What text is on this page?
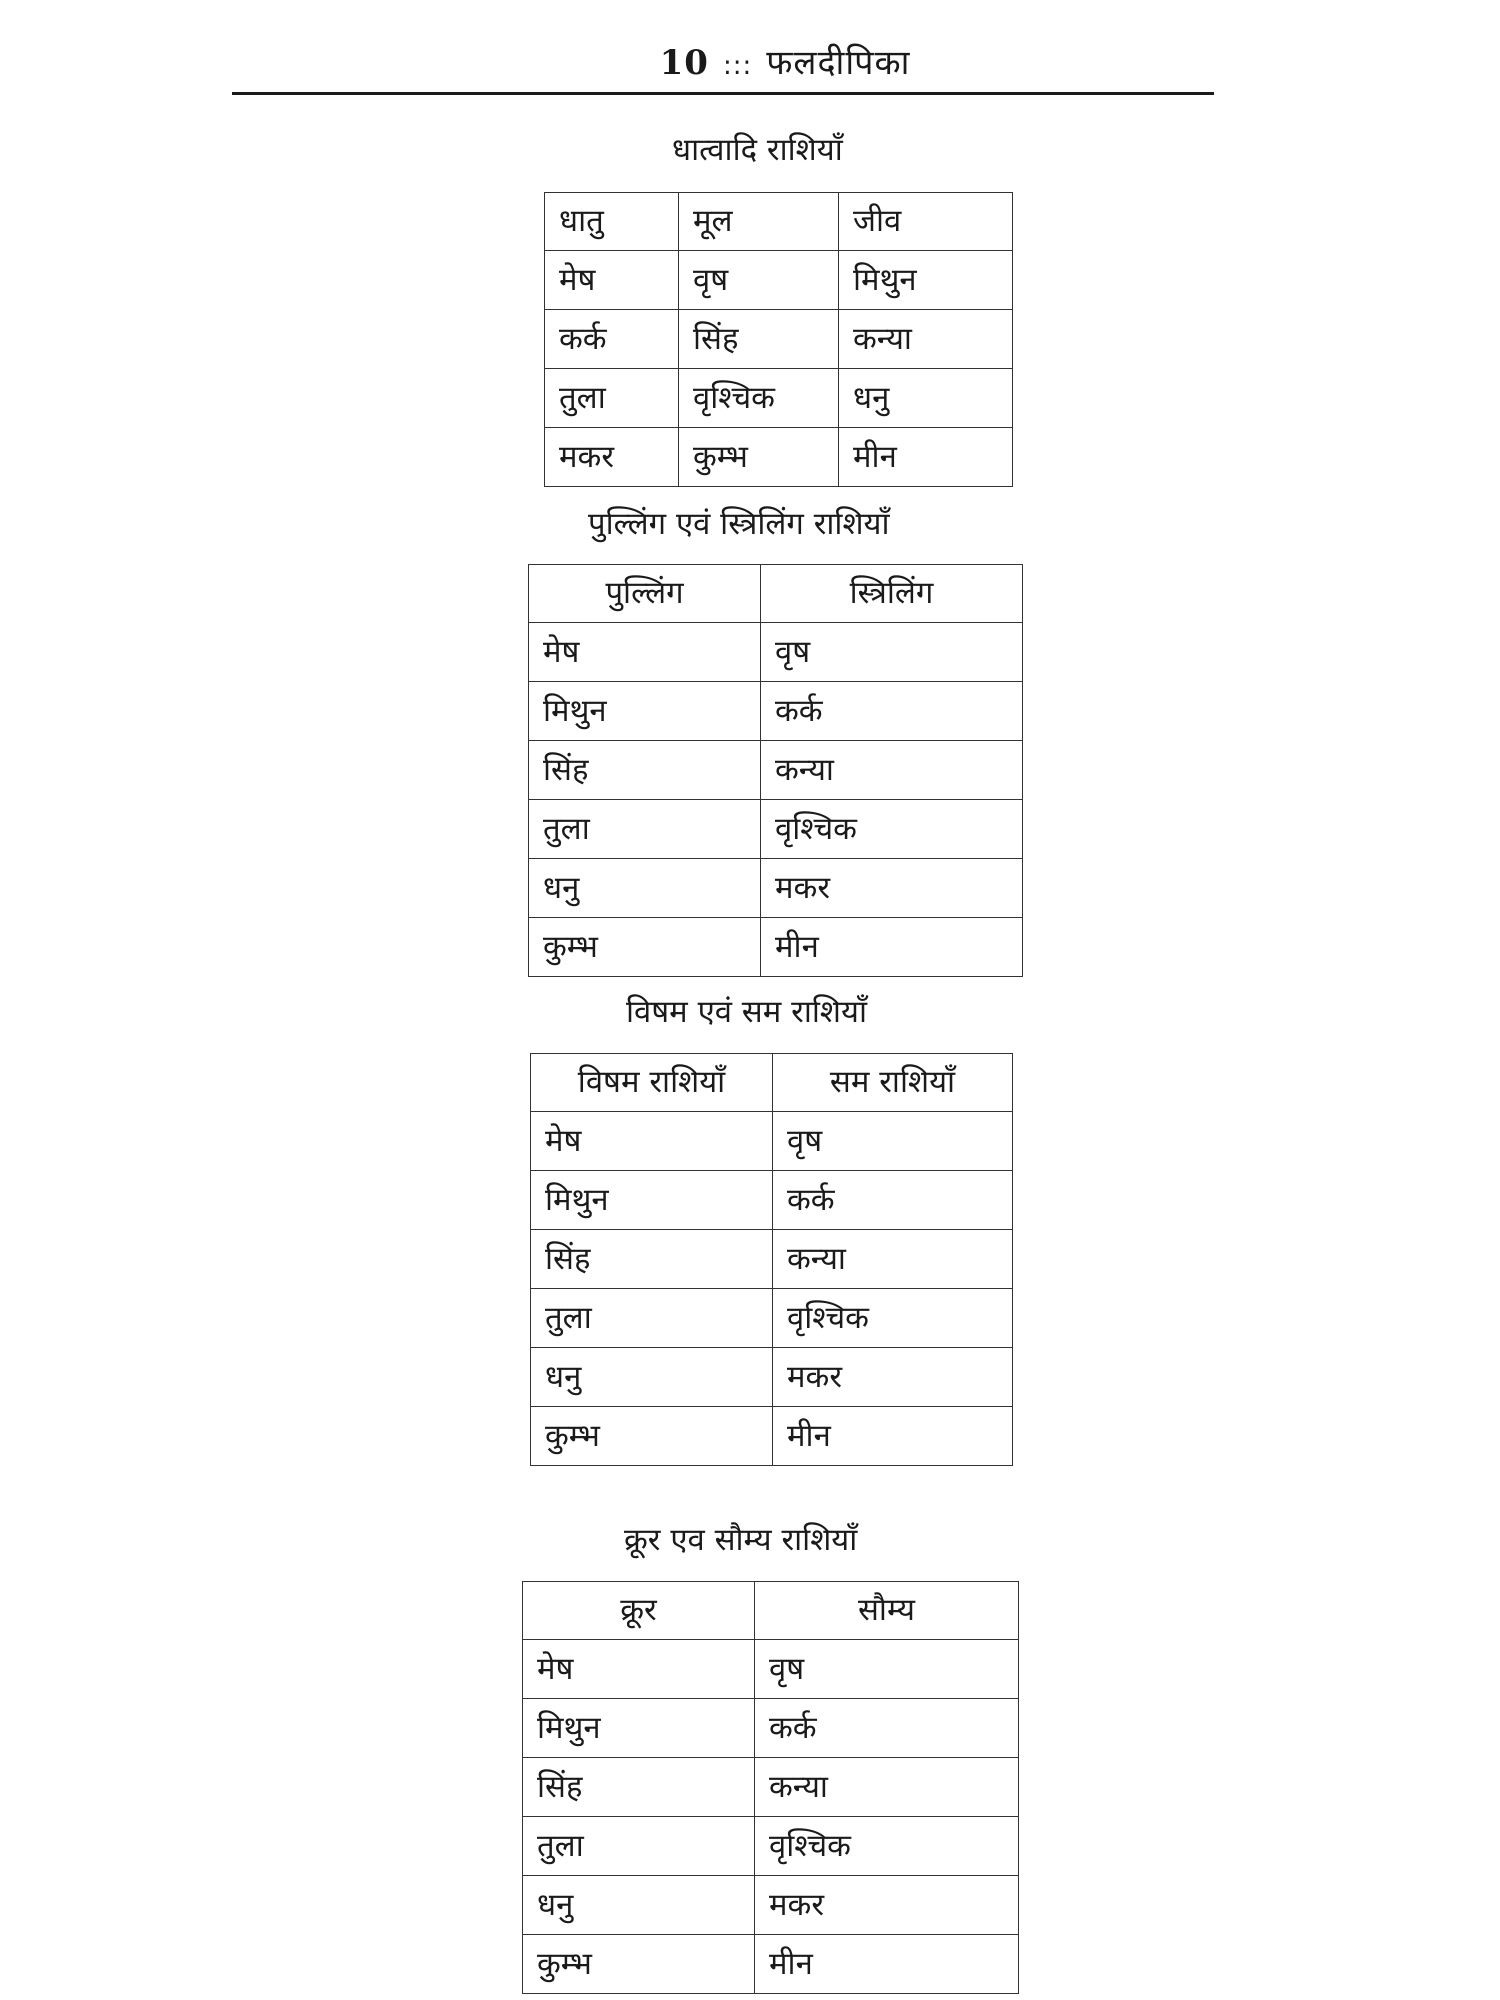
10 ::: फलदीपिका
धात्वादि राशियाँ
धातु	मूल	जीव
मेष	वृष	मिथुन
कर्क	सिंह	कन्या
तुला	वृश्चिक	धनु
मकर	कुम्भ	मीन
पुल्लिंग एवं स्त्रिलिंग राशियाँ
पुल्लिंग	स्त्रिलिंग
मेष	वृष
मिथुन	कर्क
सिंह	कन्या
तुला	वृश्चिक
धनु	मकर
कुम्भ	मीन
विषम एवं सम राशियाँ
विषम राशियाँ	सम राशियाँ
मेष	वृष
मिथुन	कर्क
सिंह	कन्या
तुला	वृश्चिक
धनु	मकर
कुम्भ	मीन
क्रूर एव सौम्य राशियाँ
क्रूर	सौम्य
मेष	वृष
मिथुन	कर्क
सिंह	कन्या
तुला	वृश्चिक
धनु	मकर
कुम्भ	मीन
